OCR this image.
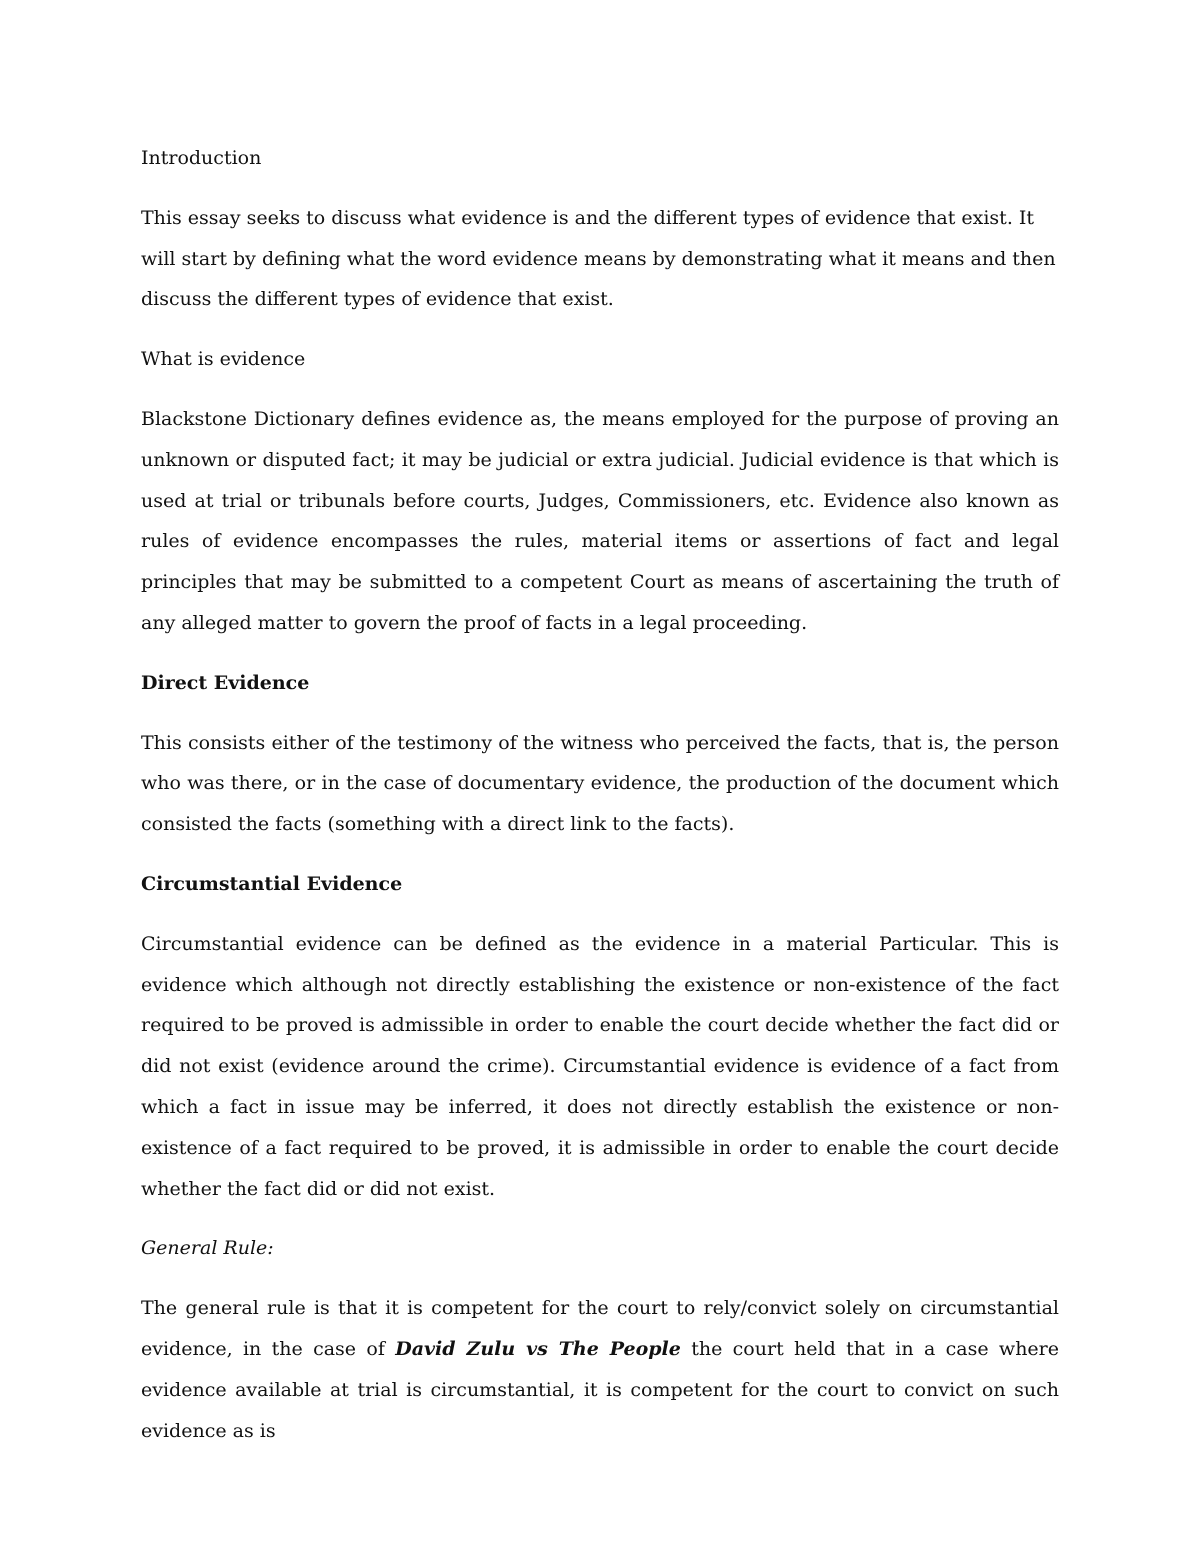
Introduction

This essay seeks to discuss what evidence is and the different types of evidence that exist. It will start by defining what the word evidence means by demonstrating what it means and then discuss the different types of evidence that exist.

What is evidence

Blackstone Dictionary defines evidence as, the means employed for the purpose of proving an unknown or disputed fact; it may be judicial or extra judicial. Judicial evidence is that which is used at trial or tribunals before courts, Judges, Commissioners, etc. Evidence also known as rules of evidence encompasses the rules, material items or assertions of fact and legal principles that may be submitted to a competent Court as means of ascertaining the truth of any alleged matter to govern the proof of facts in a legal proceeding.

Direct Evidence

This consists either of the testimony of the witness who perceived the facts, that is, the person who was there, or in the case of documentary evidence, the production of the document which consisted the facts (something with a direct link to the facts).

Circumstantial Evidence

Circumstantial evidence can be defined as the evidence in a material Particular. This is evidence which although not directly establishing the existence or non-existence of the fact required to be proved is admissible in order to enable the court decide whether the fact did or did not exist (evidence around the crime). Circumstantial evidence is evidence of a fact from which a fact in issue may be inferred, it does not directly establish the existence or non-existence of a fact required to be proved, it is admissible in order to enable the court decide whether the fact did or did not exist.

General Rule:

The general rule is that it is competent for the court to rely/convict solely on circumstantial evidence, in the case of David Zulu vs The People the court held that in a case where evidence available at trial is circumstantial, it is competent for the court to convict on such evidence as is
